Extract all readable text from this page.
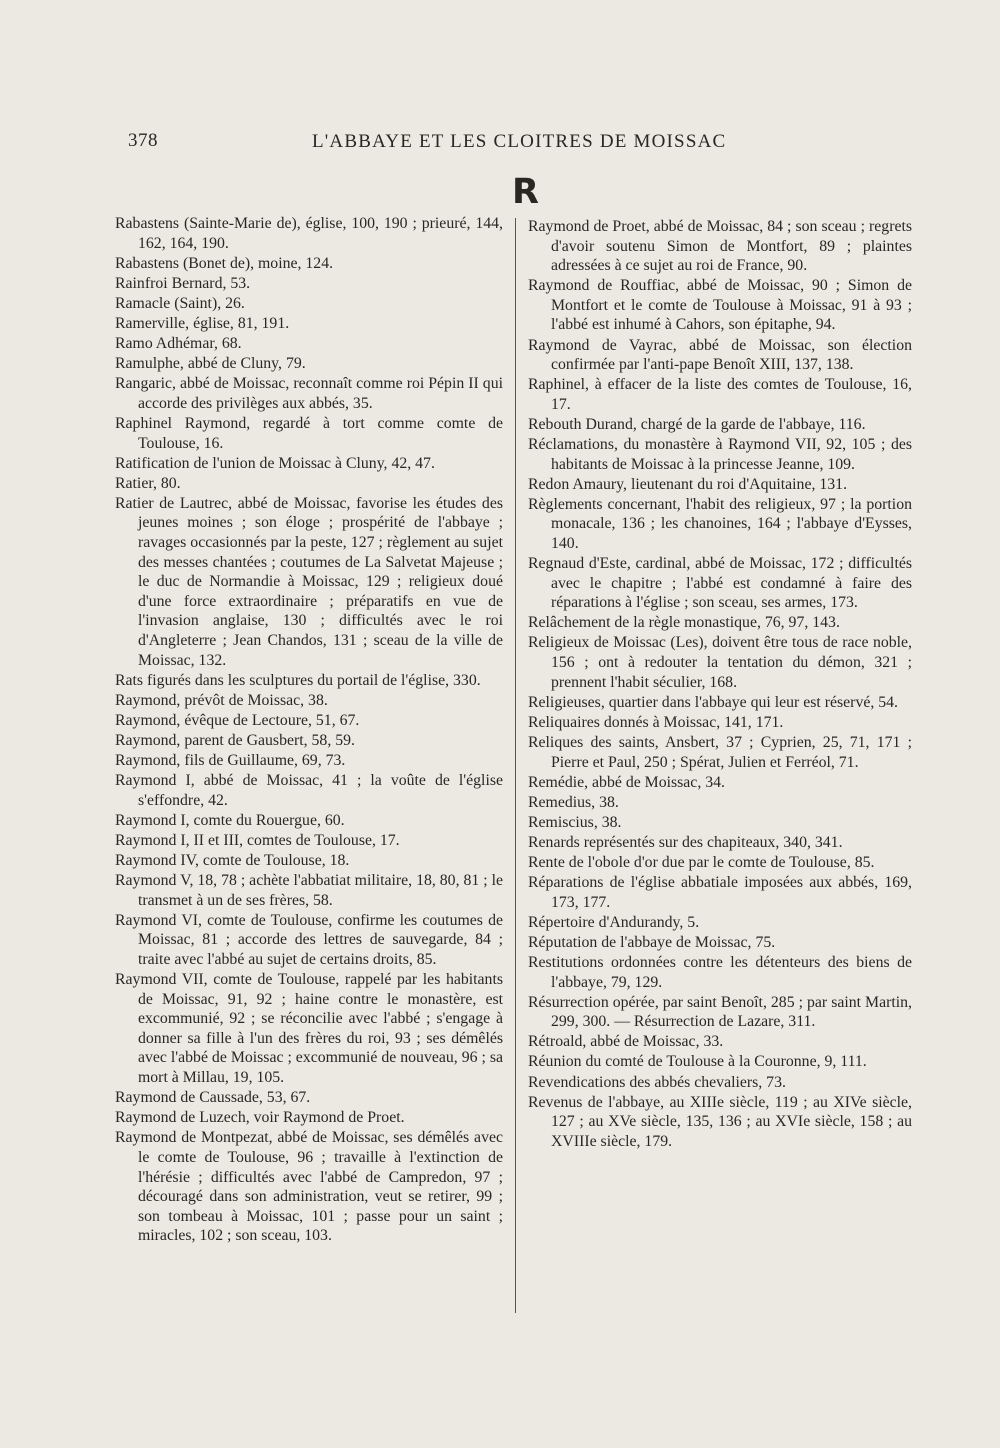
378	L'ABBAYE ET LES CLOITRES DE MOISSAC
R

Rabastens (Sainte-Marie de), église, 100, 190 ; prieuré, 144, 162, 164, 190.

Rabastens (Bonet de), moine, 124.

Rainfroi Bernard, 53.

Ramacle (Saint), 26.

Ramerville, église, 81, 191.

Ramo Adhémar, 68.

Ramulphe, abbé de Cluny, 79.

Rangaric, abbé de Moissac, reconnaît comme roi Pépin II qui accorde des privilèges aux abbés, 35.

Raphinel Raymond, regardé à tort comme comte de Toulouse, 16.

Ratification de l'union de Moissac à Cluny, 42, 47.

Ratier, 80.

Ratier de Lautrec, abbé de Moissac, favorise les études des jeunes moines ; son éloge ; prospérité de l'abbaye ; ravages occasionnés par la peste, 127 ; règlement au sujet des messes chantées ; coutumes de La Salvetat Majeuse ; le duc de Normandie à Moissac, 129 ; religieux doué d'une force extraordinaire ; préparatifs en vue de l'invasion anglaise, 130 ; difficultés avec le roi d'Angleterre ; Jean Chandos, 131 ; sceau de la ville de Moissac, 132.

Rats figurés dans les sculptures du portail de l'église, 330.

Raymond, prévôt de Moissac, 38.

Raymond, évêque de Lectoure, 51, 67.

Raymond, parent de Gausbert, 58, 59.

Raymond, fils de Guillaume, 69, 73.

Raymond I, abbé de Moissac, 41 ; la voûte de l'église s'effondre, 42.

Raymond I, comte du Rouergue, 60.

Raymond I, II et III, comtes de Toulouse, 17.

Raymond IV, comte de Toulouse, 18.

Raymond V, 18, 78 ; achète l'abbatiat militaire, 18, 80, 81 ; le transmet à un de ses frères, 58.

Raymond VI, comte de Toulouse, confirme les coutumes de Moissac, 81 ; accorde des lettres de sauvegarde, 84 ; traite avec l'abbé au sujet de certains droits, 85.

Raymond VII, comte de Toulouse, rappelé par les habitants de Moissac, 91, 92 ; haine contre le monastère, est excommunié, 92 ; se réconcilie avec l'abbé ; s'engage à donner sa fille à l'un des frères du roi, 93 ; ses démêlés avec l'abbé de Moissac ; excommunié de nouveau, 96 ; sa mort à Millau, 19, 105.

Raymond de Caussade, 53, 67.

Raymond de Luzech, voir Raymond de Proet.

Raymond de Montpezat, abbé de Moissac, ses démêlés avec le comte de Toulouse, 96 ; travaille à l'extinction de l'hérésie ; difficultés avec l'abbé de Campredon, 97 ; découragé dans son administration, veut se retirer, 99 ; son tombeau à Moissac, 101 ; passe pour un saint ; miracles, 102 ; son sceau, 103.

Raymond de Proet, abbé de Moissac, 84 ; son sceau ; regrets d'avoir soutenu Simon de Montfort, 89 ; plaintes adressées à ce sujet au roi de France, 90.

Raymond de Rouffiac, abbé de Moissac, 90 ; Simon de Montfort et le comte de Toulouse à Moissac, 91 à 93 ; l'abbé est inhumé à Cahors, son épitaphe, 94.

Raymond de Vayrac, abbé de Moissac, son élection confirmée par l'anti-pape Benoît XIII, 137, 138.

Raphinel, à effacer de la liste des comtes de Toulouse, 16, 17.

Rebouth Durand, chargé de la garde de l'abbaye, 116.

Réclamations, du monastère à Raymond VII, 92, 105 ; des habitants de Moissac à la princesse Jeanne, 109.

Redon Amaury, lieutenant du roi d'Aquitaine, 131.

Règlements concernant, l'habit des religieux, 97 ; la portion monacale, 136 ; les chanoines, 164 ; l'abbaye d'Eysses, 140.

Regnaud d'Este, cardinal, abbé de Moissac, 172 ; difficultés avec le chapitre ; l'abbé est condamné à faire des réparations à l'église ; son sceau, ses armes, 173.

Relâchement de la règle monastique, 76, 97, 143.

Religieux de Moissac (Les), doivent être tous de race noble, 156 ; ont à redouter la tentation du démon, 321 ; prennent l'habit séculier, 168.

Religieuses, quartier dans l'abbaye qui leur est réservé, 54.

Reliquaires donnés à Moissac, 141, 171.

Reliques des saints, Ansbert, 37 ; Cyprien, 25, 71, 171 ; Pierre et Paul, 250 ; Spérat, Julien et Ferréol, 71.

Remédie, abbé de Moissac, 34.

Remedius, 38.

Remiscius, 38.

Renards représentés sur des chapiteaux, 340, 341.

Rente de l'obole d'or due par le comte de Toulouse, 85.

Réparations de l'église abbatiale imposées aux abbés, 169, 173, 177.

Répertoire d'Andurandy, 5.

Réputation de l'abbaye de Moissac, 75.

Restitutions ordonnées contre les détenteurs des biens de l'abbaye, 79, 129.

Résurrection opérée, par saint Benoît, 285 ; par saint Martin, 299, 300. — Résurrection de Lazare, 311.

Rétroald, abbé de Moissac, 33.

Réunion du comté de Toulouse à la Couronne, 9, 111.

Revendications des abbés chevaliers, 73.

Revenus de l'abbaye, au XIIIe siècle, 119 ; au XIVe siècle, 127 ; au XVe siècle, 135, 136 ; au XVIe siècle, 158 ; au XVIIIe siècle, 179.
